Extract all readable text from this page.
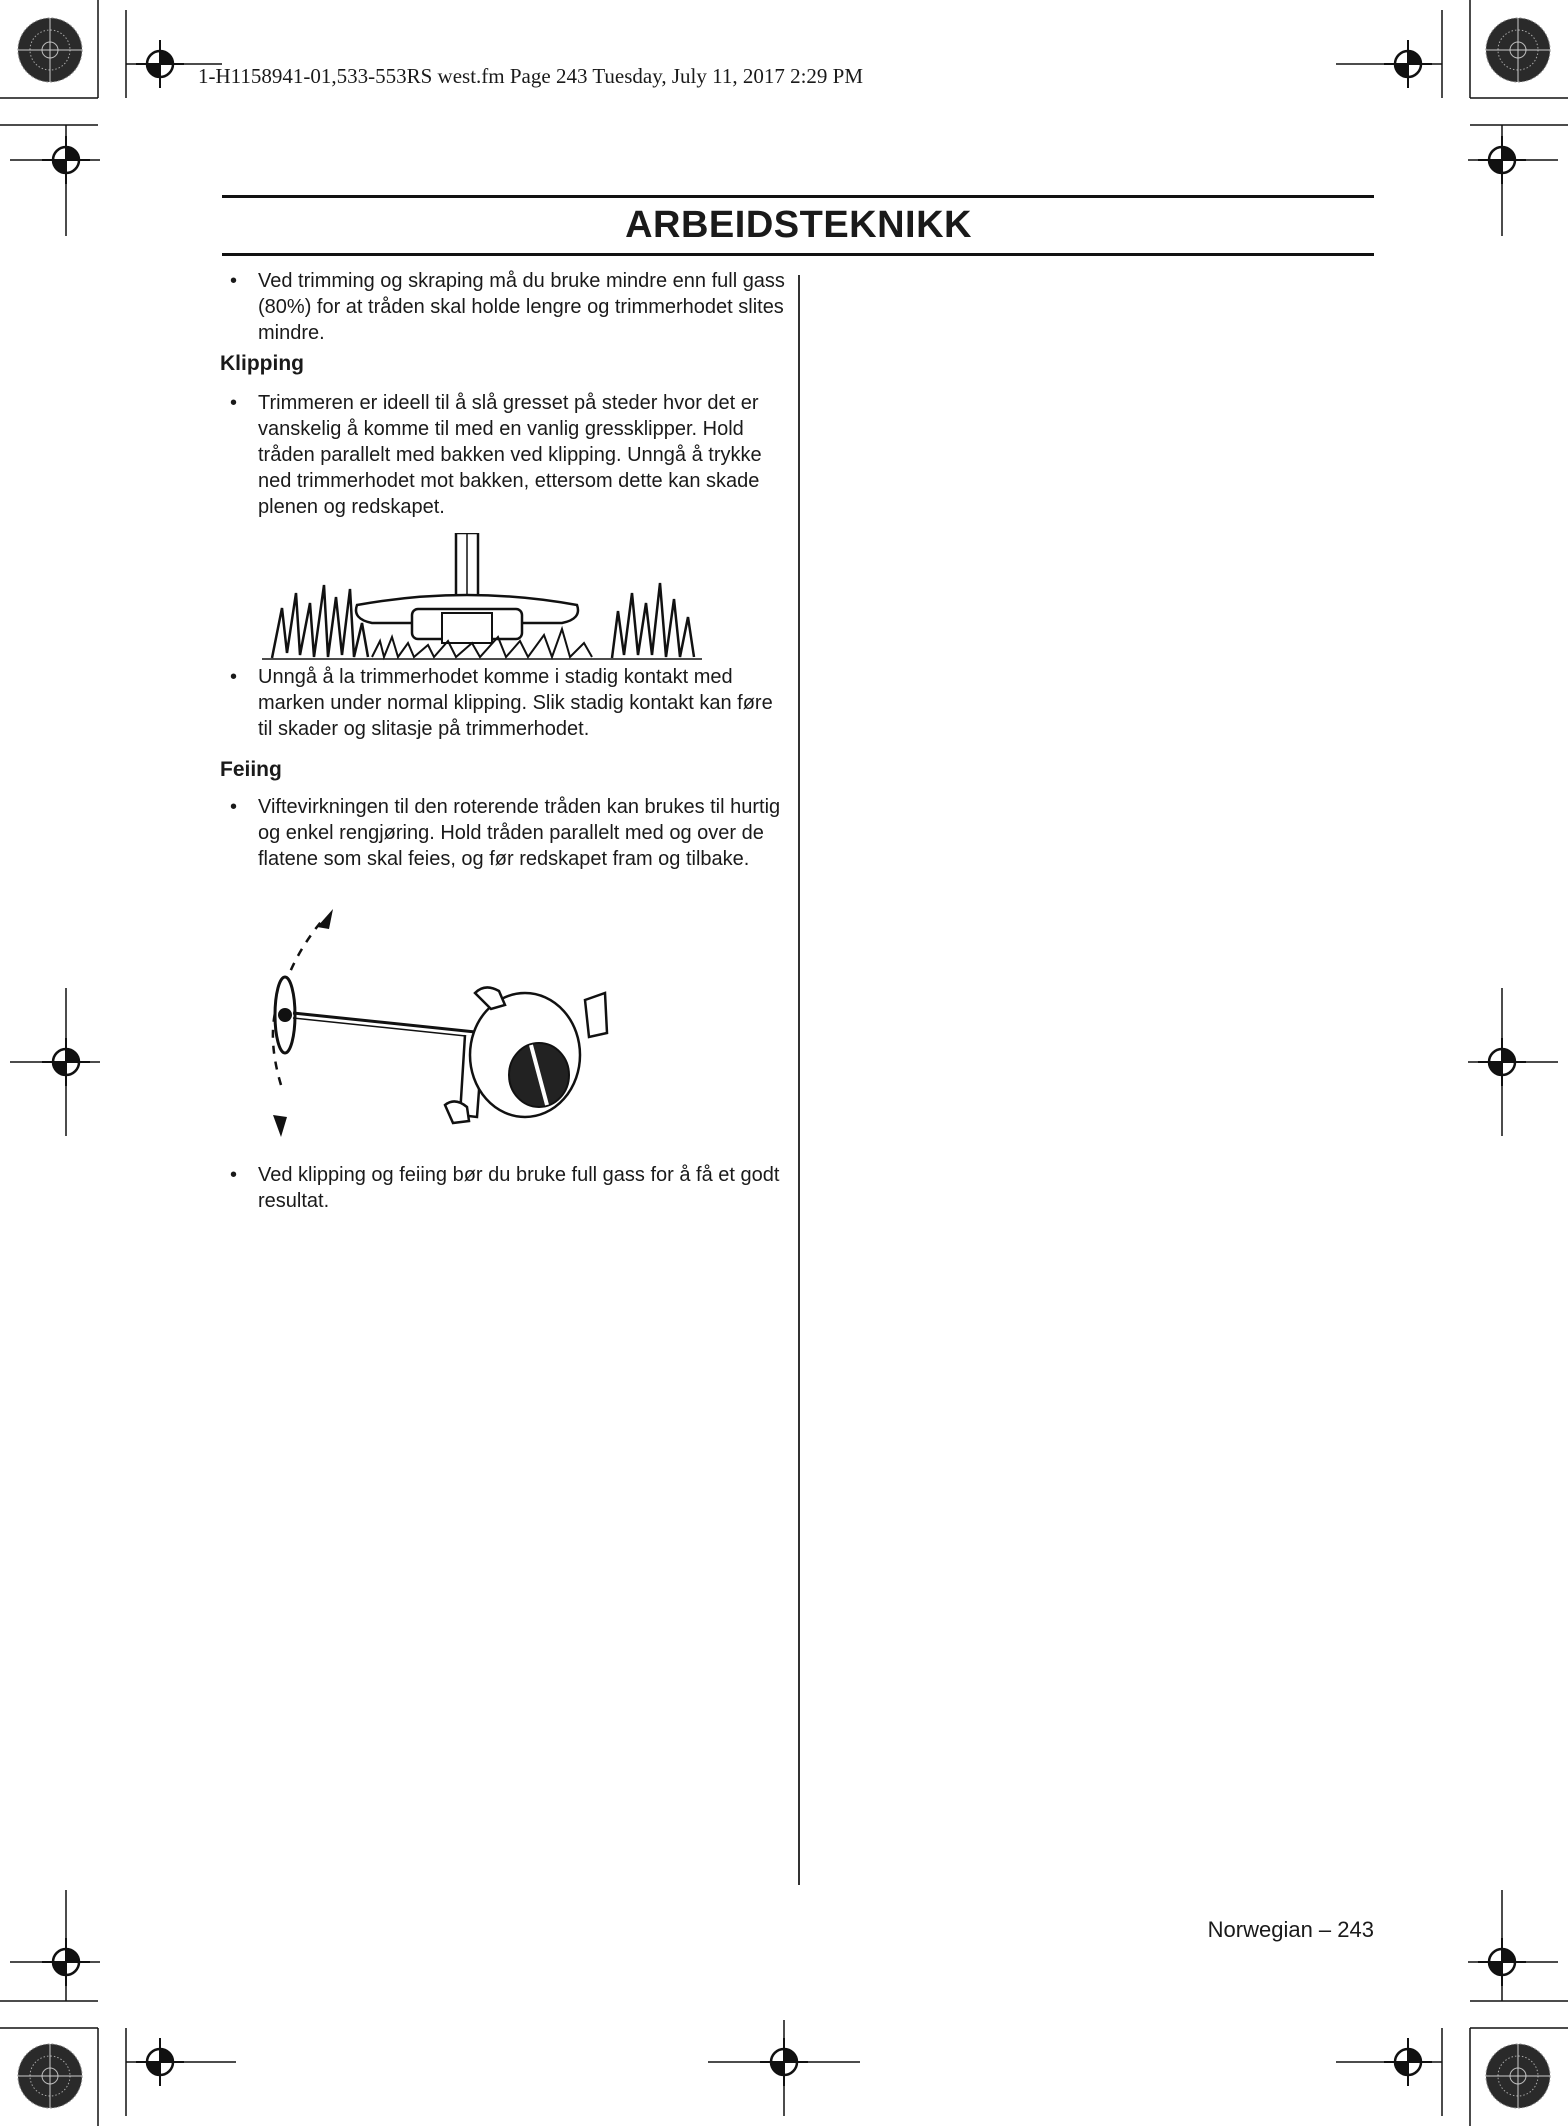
1-H1158941-01,533-553RS west.fm Page 243 Tuesday, July 11, 2017 2:29 PM
ARBEIDSTEKNIKK

• Ved trimming og skraping må du bruke mindre enn full gass (80%) for at tråden skal holde lengre og trimmerhodet slites mindre.

Klipping

• Trimmeren er ideell til å slå gresset på steder hvor det er vanskelig å komme til med en vanlig gressklipper. Hold tråden parallelt med bakken ved klipping. Unngå å trykke ned trimmerhodet mot bakken, ettersom dette kan skade plenen og redskapet.

• Unngå å la trimmerhodet komme i stadig kontakt med marken under normal klipping. Slik stadig kontakt kan føre til skader og slitasje på trimmerhodet.

Feiing

• Viftevirkningen til den roterende tråden kan brukes til hurtig og enkel rengjøring. Hold tråden parallelt med og over de flatene som skal feies, og før redskapet fram og tilbake.

• Ved klipping og feiing bør du bruke full gass for å få et godt resultat.

Norwegian – 243
